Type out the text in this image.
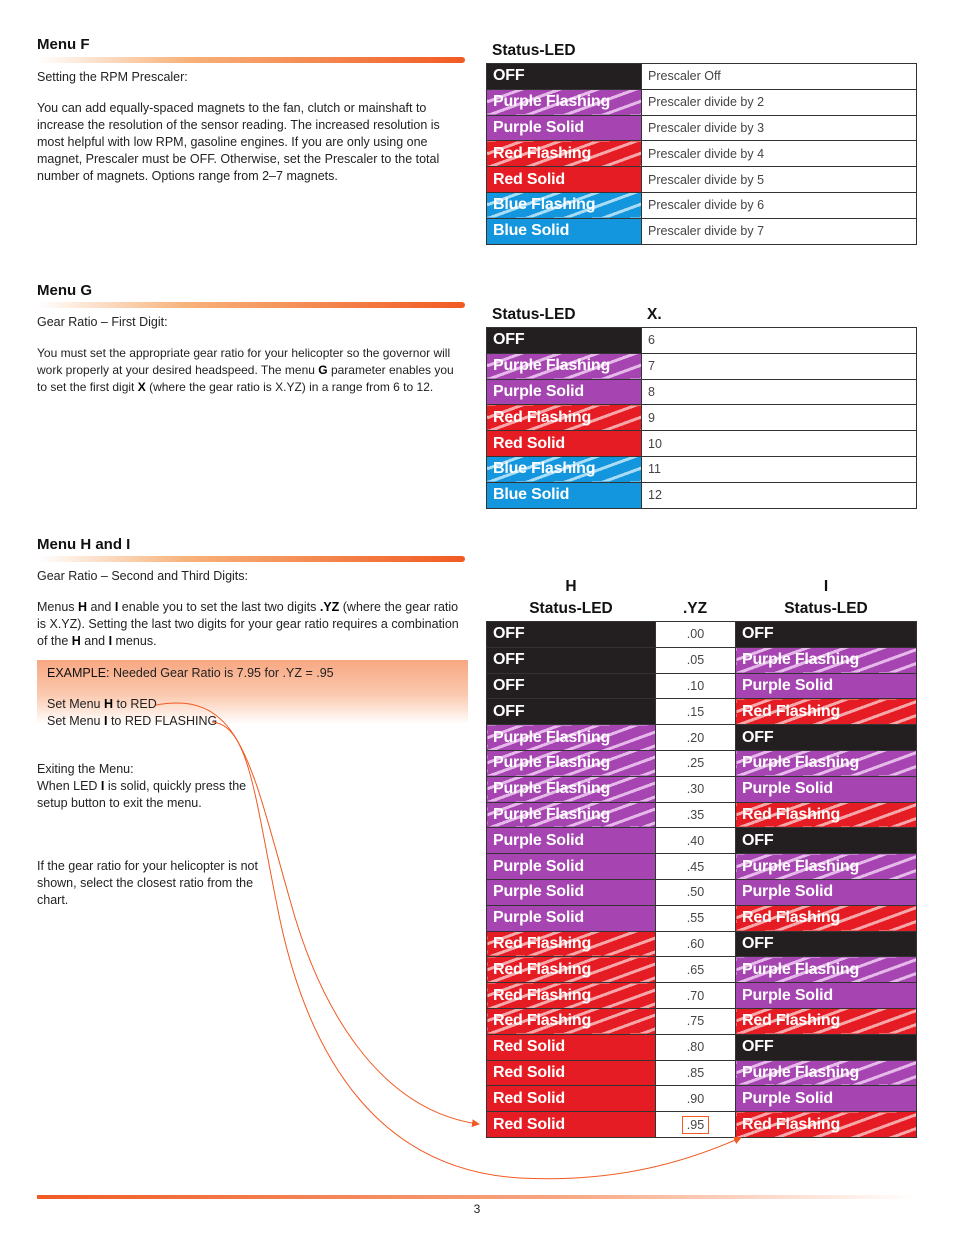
Menu F
Setting the RPM Prescaler:
You can add equally-spaced magnets to the fan, clutch or mainshaft to increase the resolution of the sensor reading. The increased resolution is most helpful with low RPM, gasoline engines. If you are only using one magnet, Prescaler must be OFF. Otherwise, set the Prescaler to the total number of magnets. Options range from 2–7 magnets.
Status-LED
OFF	Prescaler Off
Purple Flashing	Prescaler divide by 2
Purple Solid	Prescaler divide by 3
Red Flashing	Prescaler divide by 4
Red Solid	Prescaler divide by 5
Blue Flashing	Prescaler divide by 6
Blue Solid	Prescaler divide by 7
Menu G
Gear Ratio – First Digit:
You must set the appropriate gear ratio for your helicopter so the governor will work properly at your desired headspeed. The menu G parameter enables you to set the first digit X (where the gear ratio is X.YZ) in a range from 6 to 12.
Status-LED	X.
OFF	6
Purple Flashing	7
Purple Solid	8
Red Flashing	9
Red Solid	10
Blue Flashing	11
Blue Solid	12
Menu H and I
Gear Ratio – Second and Third Digits:
Menus H and I enable you to set the last two digits .YZ (where the gear ratio is X.YZ). Setting the last two digits for your gear ratio requires a combination of the H and I menus.
EXAMPLE: Needed Gear Ratio is 7.95 for .YZ = .95
Set Menu H to RED
Set Menu I to RED FLASHING
Exiting the Menu:
When LED I is solid, quickly press the setup button to exit the menu.
If the gear ratio for your helicopter is not shown, select the closest ratio from the chart.
H
Status-LED	.YZ
I
Status-LED
OFF	.00	OFF
OFF	.05	Purple Flashing
OFF	.10	Purple Solid
OFF	.15	Red Flashing
Purple Flashing	.20	OFF
Purple Flashing	.25	Purple Flashing
Purple Flashing	.30	Purple Solid
Purple Flashing	.35	Red Flashing
Purple Solid	.40	OFF
Purple Solid	.45	Purple Flashing
Purple Solid	.50	Purple Solid
Purple Solid	.55	Red Flashing
Red Flashing	.60	OFF
Red Flashing	.65	Purple Flashing
Red Flashing	.70	Purple Solid
Red Flashing	.75	Red Flashing
Red Solid	.80	OFF
Red Solid	.85	Purple Flashing
Red Solid	.90	Purple Solid
Red Solid	.95	Red Flashing
3
